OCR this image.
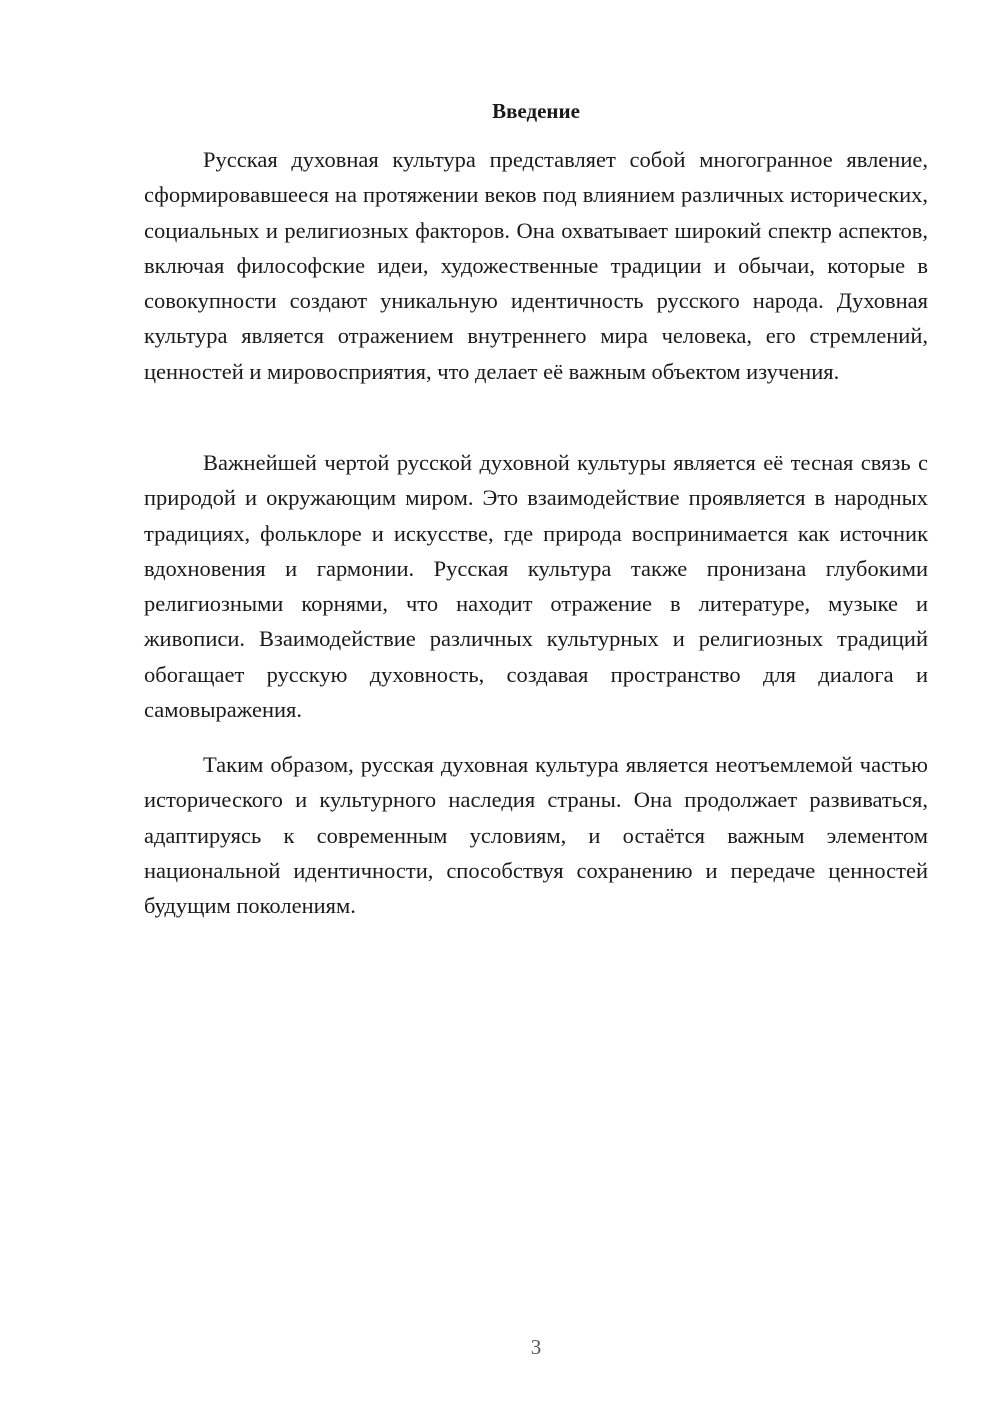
Введение

Русская духовная культура представляет собой многогранное явление, сформировавшееся на протяжении веков под влиянием различных исторических, социальных и религиозных факторов. Она охватывает широкий спектр аспектов, включая философские идеи, художественные традиции и обычаи, которые в совокупности создают уникальную идентичность русского народа. Духовная культура является отражением внутреннего мира человека, его стремлений, ценностей и мировосприятия, что делает её важным объектом изучения.

Важнейшей чертой русской духовной культуры является её тесная связь с природой и окружающим миром. Это взаимодействие проявляется в народных традициях, фольклоре и искусстве, где природа воспринимается как источник вдохновения и гармонии. Русская культура также пронизана глубокими религиозными корнями, что находит отражение в литературе, музыке и живописи. Взаимодействие различных культурных и религиозных традиций обогащает русскую духовность, создавая пространство для диалога и самовыражения.

Таким образом, русская духовная культура является неотъемлемой частью исторического и культурного наследия страны. Она продолжает развиваться, адаптируясь к современным условиям, и остаётся важным элементом национальной идентичности, способствуя сохранению и передаче ценностей будущим поколениям.

3
